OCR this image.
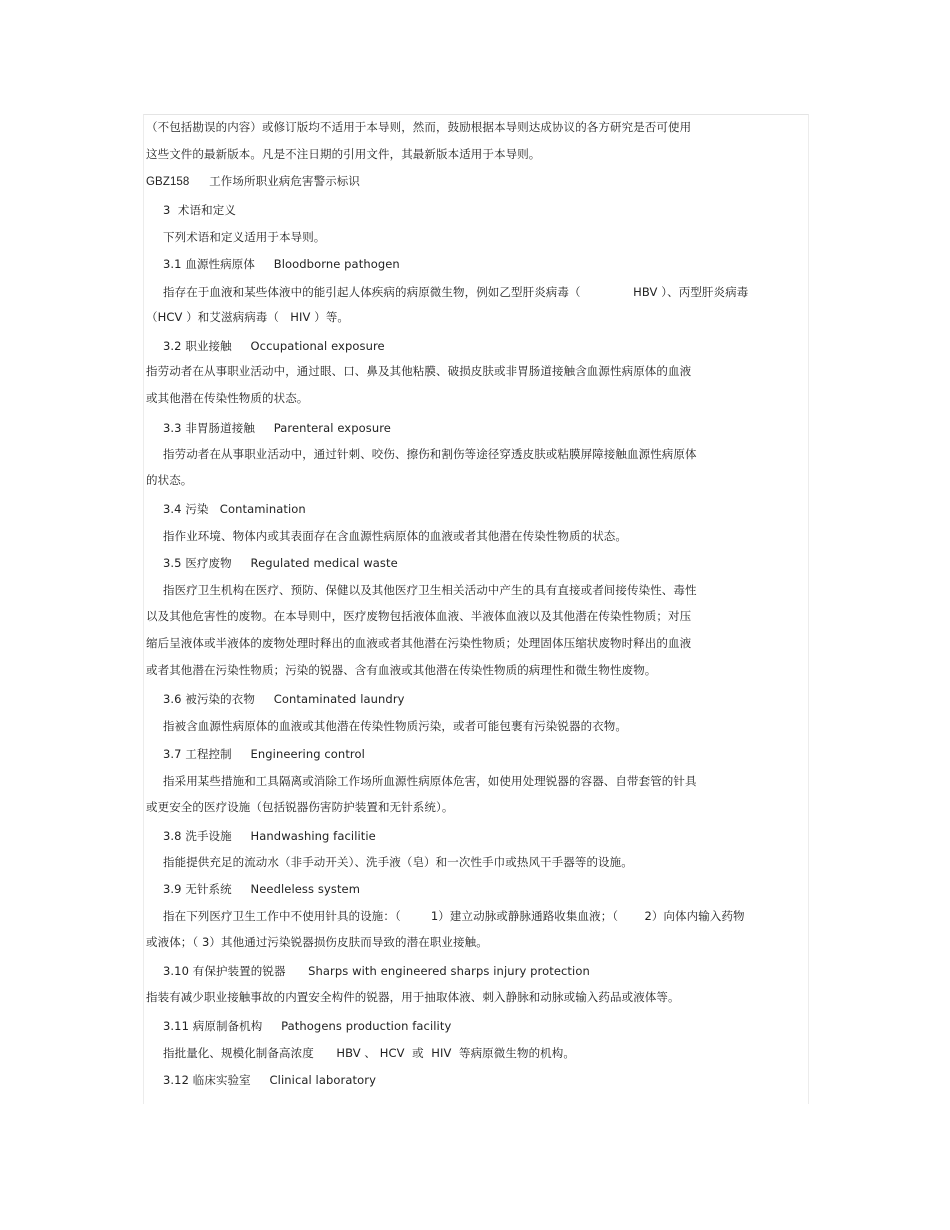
（不包括勘误的内容）或修订版均不适用于本导则，然而，鼓励根据本导则达成协议的各方研究是否可使用
这些文件的最新版本。凡是不注日期的引用文件，其最新版本适用于本导则。
GBZ158      工作场所职业病危害警示标识
3  术语和定义
下列术语和定义适用于本导则。
3.1 血源性病原体     Bloodborne pathogen
指存在于血液和某些体液中的能引起人体疾病的病原微生物，例如乙型肝炎病毒（              HBV ）、丙型肝炎病毒
（HCV ）和艾滋病病毒（   HIV ）等。
3.2 职业接触     Occupational exposure
指劳动者在从事职业活动中，通过眼、口、鼻及其他粘膜、破损皮肤或非胃肠道接触含血源性病原体的血液
或其他潜在传染性物质的状态。
3.3 非胃肠道接触     Parenteral exposure
指劳动者在从事职业活动中，通过针刺、咬伤、擦伤和割伤等途径穿透皮肤或粘膜屏障接触血源性病原体
的状态。
3.4 污染   Contamination
指作业环境、物体内或其表面存在含血源性病原体的血液或者其他潜在传染性物质的状态。
3.5 医疗废物     Regulated medical waste
指医疗卫生机构在医疗、预防、保健以及其他医疗卫生相关活动中产生的具有直接或者间接传染性、毒性
以及其他危害性的废物。在本导则中，医疗废物包括液体血液、半液体血液以及其他潜在传染性物质；对压
缩后呈液体或半液体的废物处理时释出的血液或者其他潜在污染性物质；处理固体压缩状废物时释出的血液
或者其他潜在污染性物质；污染的锐器、含有血液或其他潜在传染性物质的病理性和微生物性废物。
3.6 被污染的衣物     Contaminated laundry
指被含血源性病原体的血液或其他潜在传染性物质污染，或者可能包裹有污染锐器的衣物。
3.7 工程控制     Engineering control
指采用某些措施和工具隔离或消除工作场所血源性病原体危害，如使用处理锐器的容器、自带套管的针具
或更安全的医疗设施（包括锐器伤害防护装置和无针系统）。
3.8 洗手设施     Handwashing facilitie
指能提供充足的流动水（非手动开关）、洗手液（皂）和一次性手巾或热风干手器等的设施。
3.9 无针系统     Needleless system
指在下列医疗卫生工作中不使用针具的设施：（        1）建立动脉或静脉通路收集血液；（       2）向体内输入药物
或液体；（ 3）其他通过污染锐器损伤皮肤而导致的潜在职业接触。
3.10 有保护装置的锐器      Sharps with engineered sharps injury protection
指装有减少职业接触事故的内置安全构件的锐器，用于抽取体液、刺入静脉和动脉或输入药品或液体等。
3.11 病原制备机构     Pathogens production facility
指批量化、规模化制备高浓度      HBV 、 HCV  或  HIV  等病原微生物的机构。
3.12 临床实验室     Clinical laboratory
